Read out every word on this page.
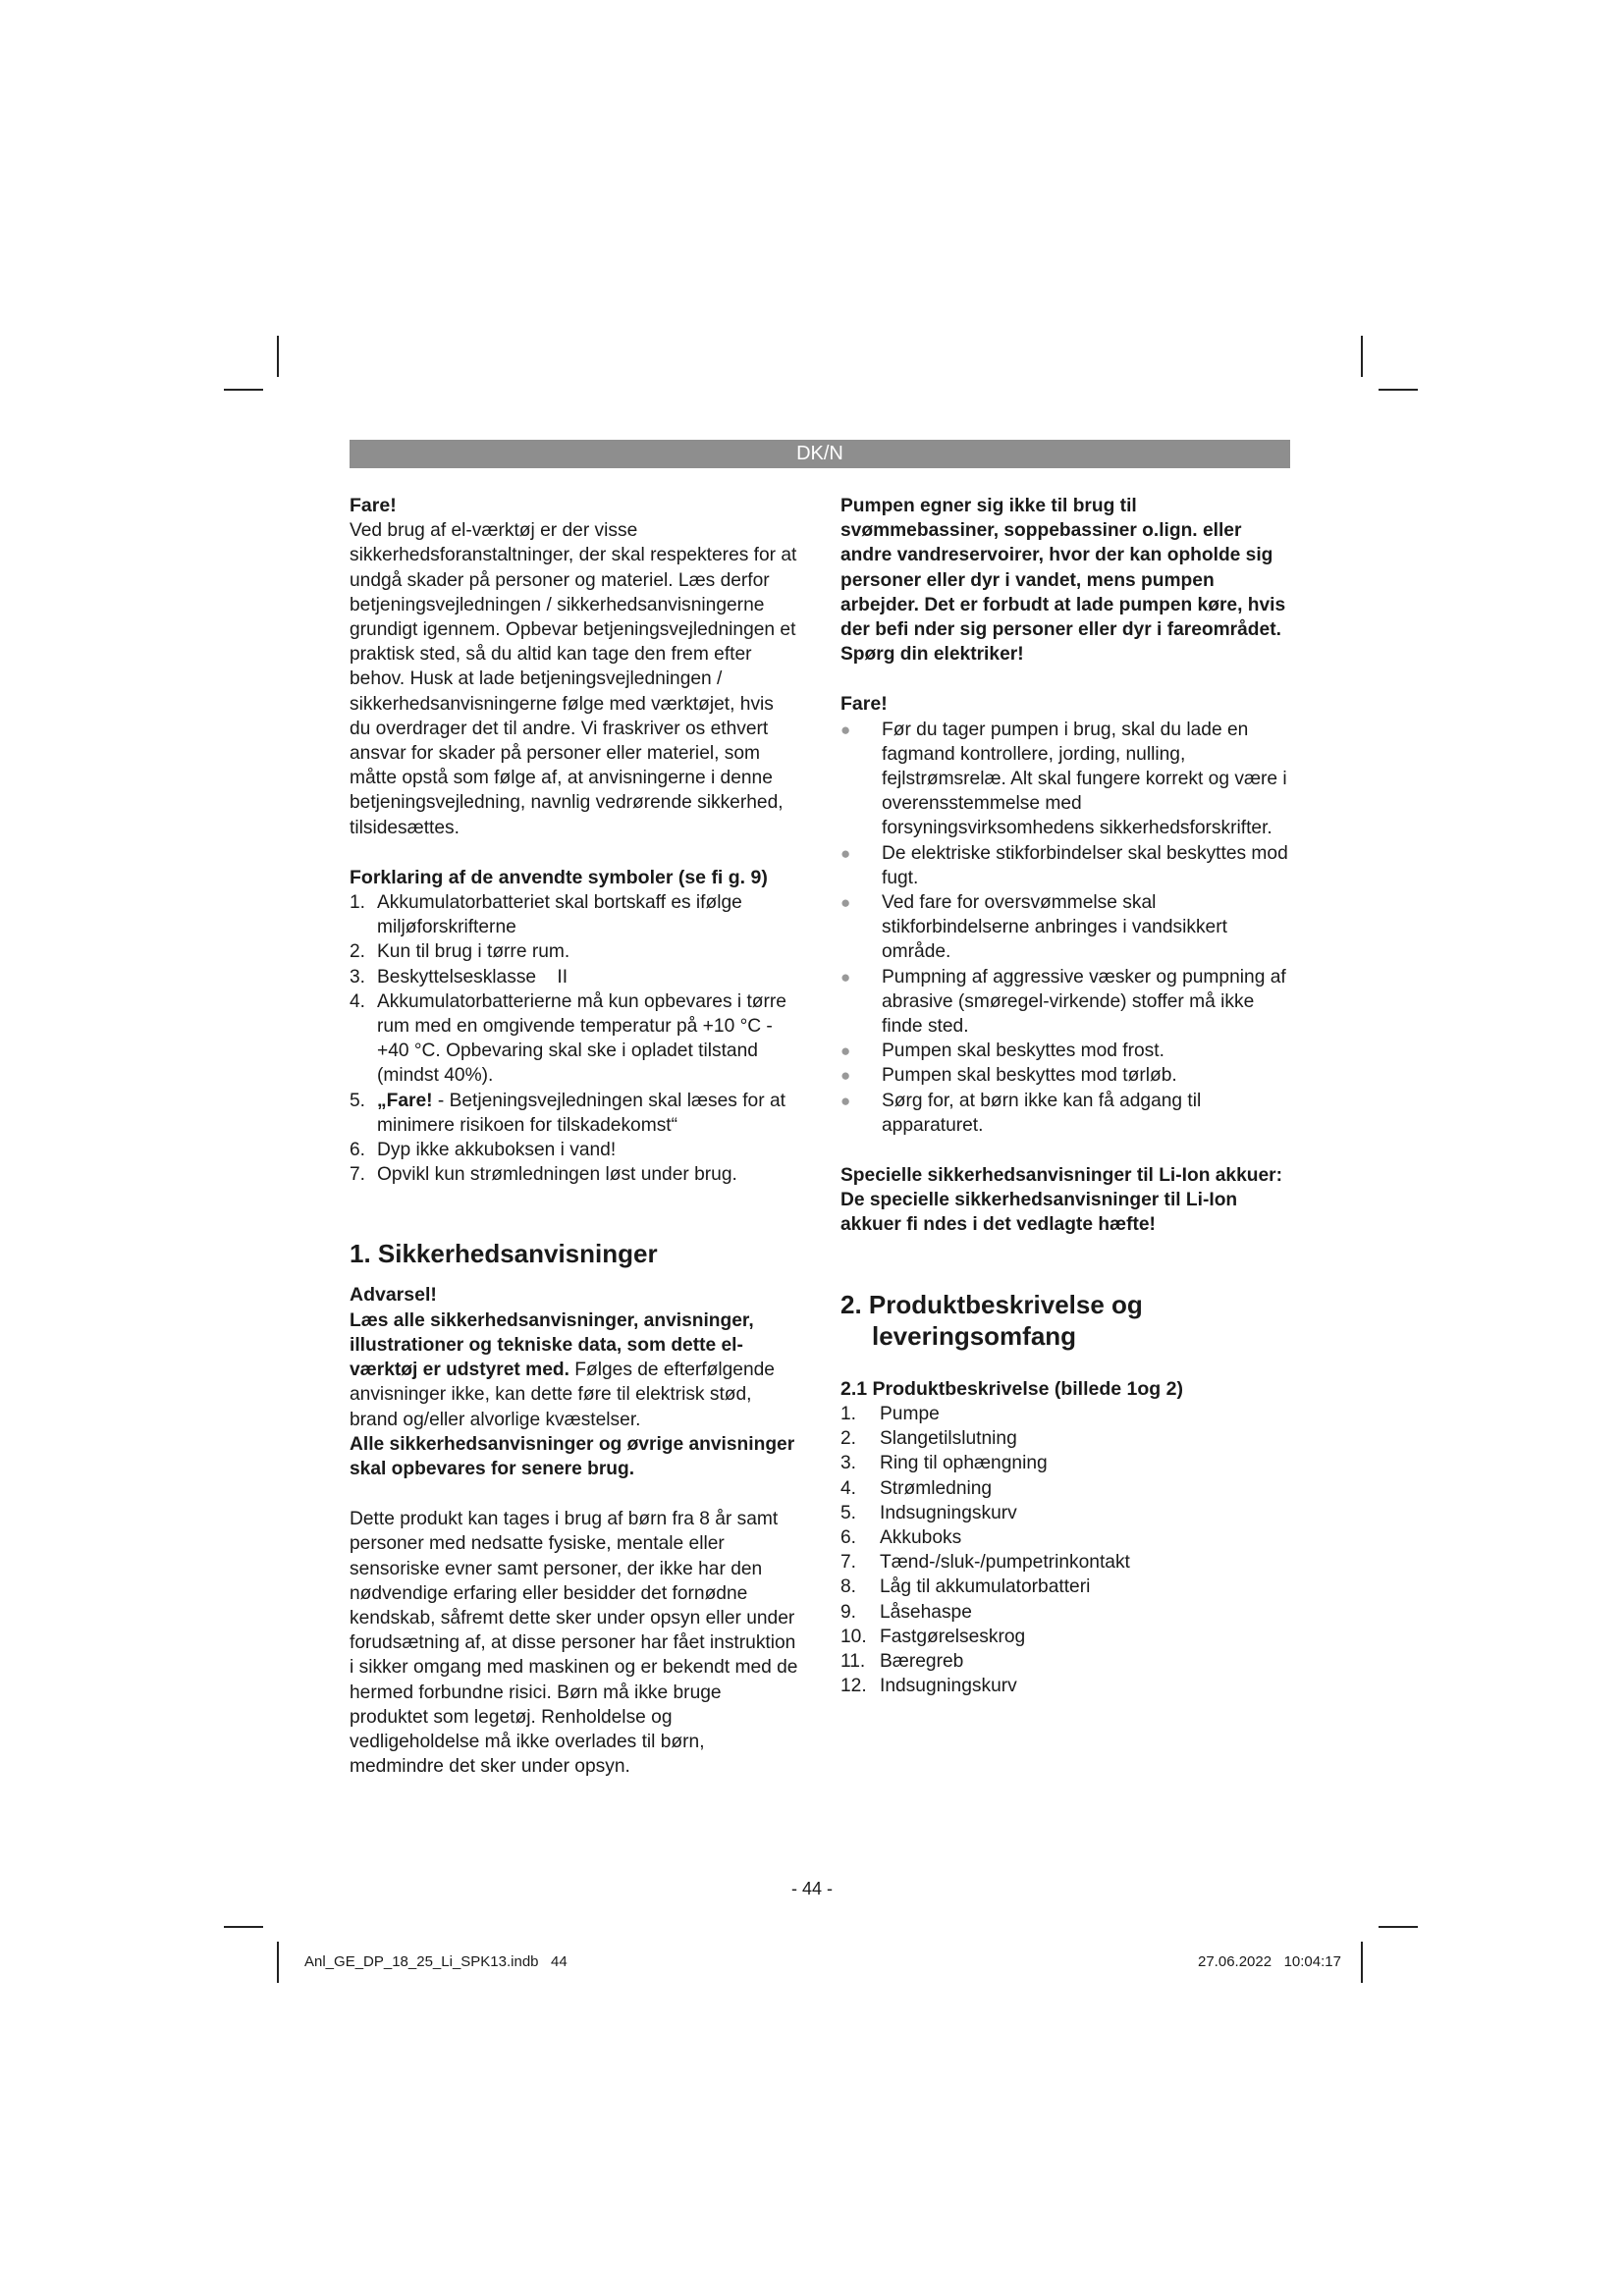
DK/N

Fare!

Ved brug af el-værktøj er der visse sikkerhedsforanstaltninger, der skal respekteres for at undgå skader på personer og materiel. Læs derfor betjeningsvejledningen / sikkerhedsanvisningerne grundigt igennem. Opbevar betjeningsvejledningen et praktisk sted, så du altid kan tage den frem efter behov. Husk at lade betjeningsvejledningen / sikkerhedsanvisningerne følge med værktøjet, hvis du overdrager det til andre. Vi fraskriver os ethvert ansvar for skader på personer eller materiel, som måtte opstå som følge af, at anvisningerne i denne betjeningsvejledning, navnlig vedrørende sikkerhed, tilsidesættes.

Forklaring af de anvendte symboler (se fi g. 9)

1. Akkumulatorbatteriet skal bortskaff es ifølge miljøforskrifterne
2. Kun til brug i tørre rum.
3. Beskyttelsesklasse    II
4. Akkumulatorbatterierne må kun opbevares i tørre rum med en omgivende temperatur på +10 °C - +40 °C. Opbevaring skal ske i opladet tilstand (mindst 40%).
5. „Fare! - Betjeningsvejledningen skal læses for at minimere risikoen for tilskadekomst“
6. Dyp ikke akkuboksen i vand!
7. Opvikl kun strømledningen løst under brug.

1. Sikkerhedsanvisninger

Advarsel!

Læs alle sikkerhedsanvisninger, anvisninger, illustrationer og tekniske data, som dette el-værktøj er udstyret med. Følges de efterfølgende anvisninger ikke, kan dette føre til elektrisk stød, brand og/eller alvorlige kvæstelser.

Alle sikkerhedsanvisninger og øvrige anvisninger skal opbevares for senere brug.

Dette produkt kan tages i brug af børn fra 8 år samt personer med nedsatte fysiske, mentale eller sensoriske evner samt personer, der ikke har den nødvendige erfaring eller besidder det fornødne kendskab, såfremt dette sker under opsyn eller under forudsætning af, at disse personer har fået instruktion i sikker omgang med maskinen og er bekendt med de hermed forbundne risici. Børn må ikke bruge produktet som legetøj. Renholdelse og vedligeholdelse må ikke overlades til børn, medmindre det sker under opsyn.

Pumpen egner sig ikke til brug til svømmebassiner, soppebassiner o.lign. eller andre vandreservoirer, hvor der kan opholde sig personer eller dyr i vandet, mens pumpen arbejder. Det er forbudt at lade pumpen køre, hvis der befi nder sig personer eller dyr i fareområdet. Spørg din elektriker!

Fare!

● Før du tager pumpen i brug, skal du lade en fagmand kontrollere, jording, nulling, fejlstrømsrelæ. Alt skal fungere korrekt og være i overensstemmelse med forsyningsvirksomhedens sikkerhedsforskrifter.
● De elektriske stikforbindelser skal beskyttes mod fugt.
● Ved fare for oversvømmelse skal stikforbindelserne anbringes i vandsikkert område.
● Pumpning af aggressive væsker og pumpning af abrasive (smøregel-virkende) stoffer må ikke finde sted.
● Pumpen skal beskyttes mod frost.
● Pumpen skal beskyttes mod tørløb.
● Sørg for, at børn ikke kan få adgang til apparaturet.

Specielle sikkerhedsanvisninger til Li-Ion akkuer:

De specielle sikkerhedsanvisninger til Li-Ion akkuer fi ndes i det vedlagte hæfte!

2. Produktbeskrivelse og leveringsomfang

2.1 Produktbeskrivelse (billede 1og 2)

1. Pumpe
2. Slangetilslutning
3. Ring til ophængning
4. Strømledning
5. Indsugningskurv
6. Akkuboks
7. Tænd-/sluk-/pumpetrinkontakt
8. Låg til akkumulatorbatteri
9. Låsehaspe
10. Fastgørelseskrog
11. Bæregreb
12. Indsugningskurv
- 44 -
Anl_GE_DP_18_25_Li_SPK13.indb   44	27.06.2022   10:04:17
